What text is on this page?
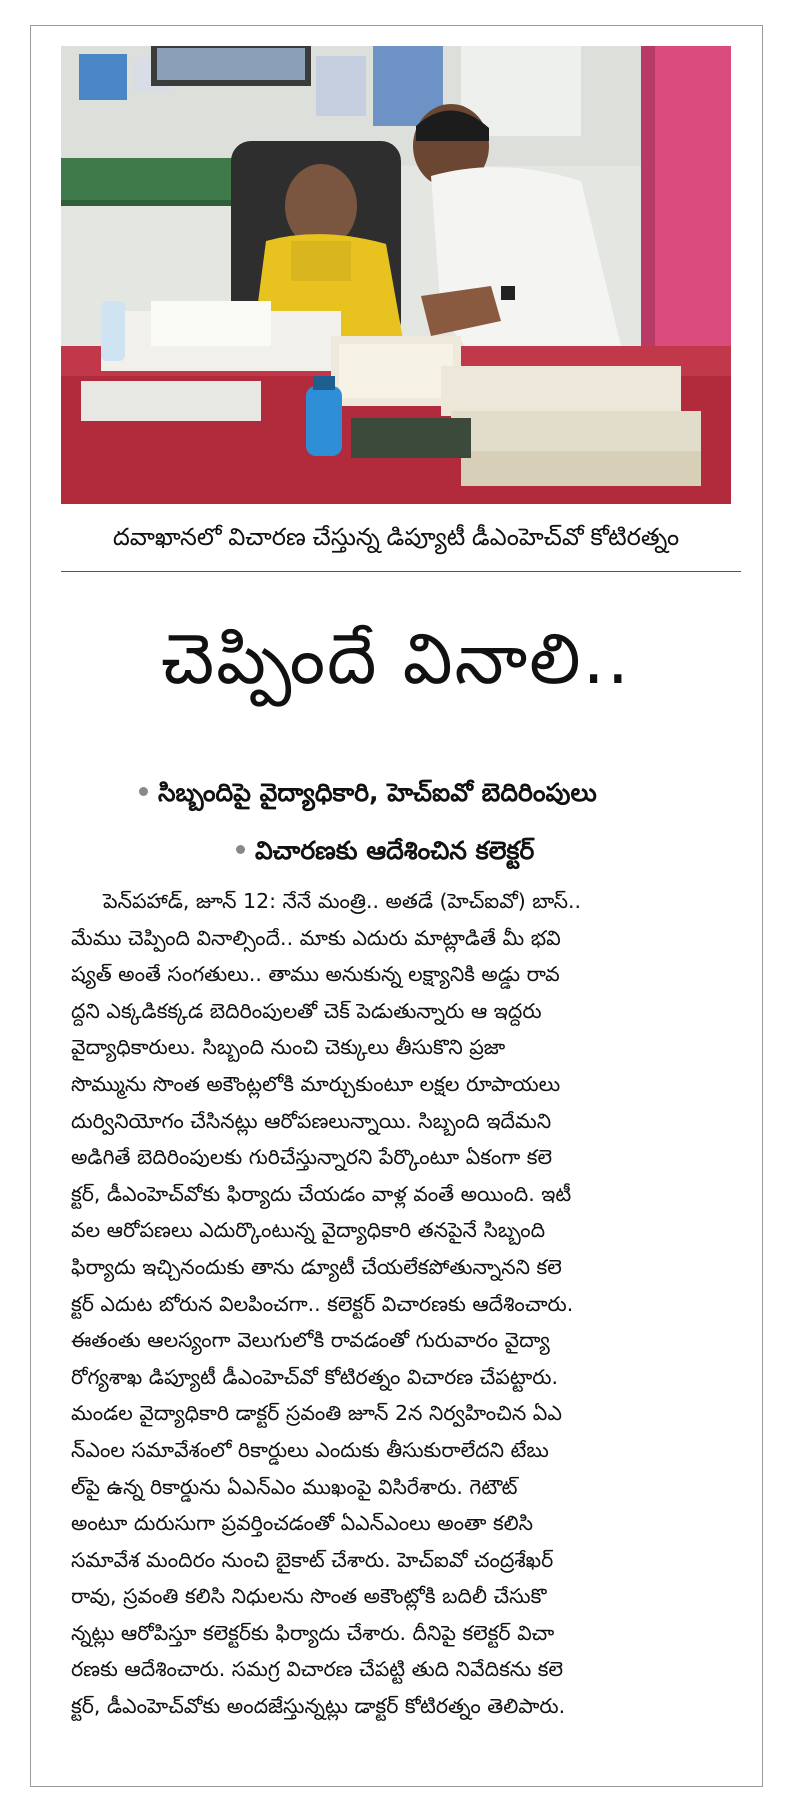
దవాఖానలో విచారణ చేస్తున్న డిప్యూటీ డీఎంహెచ్‌వో కోటిరత్నం
చెప్పిందే వినాలి..
సిబ్బందిపై వైద్యాధికారి, హెచ్‌ఐవో బెదిరింపులు
విచారణకు ఆదేశించిన కలెక్టర్
పెన్‌పహాడ్, జూన్ 12: నేనే మంత్రి.. అతడే (హెచ్‌ఐవో) బాస్..
మేము చెప్పింది వినాల్సిందే.. మాకు ఎదురు మాట్లాడితే మీ భవి
ష్యత్ అంతే సంగతులు.. తాము అనుకున్న లక్ష్యానికి అడ్డు రావ
ద్దని ఎక్కడికక్కడ బెదిరింపులతో చెక్ పెడుతున్నారు ఆ ఇద్దరు
వైద్యాధికారులు. సిబ్బంది నుంచి చెక్కులు తీసుకొని ప్రజా
సొమ్మును సొంత అకౌంట్లలోకి మార్చుకుంటూ లక్షల రూపాయలు
దుర్వినియోగం చేసినట్లు ఆరోపణలున్నాయి. సిబ్బంది ఇదేమని
అడిగితే బెదిరింపులకు గురిచేస్తున్నారని పేర్కొంటూ ఏకంగా కలె
క్టర్, డీఎంహెచ్‌వోకు ఫిర్యాదు చేయడం వాళ్ల వంతే అయింది. ఇటీ
వల ఆరోపణలు ఎదుర్కొంటున్న వైద్యాధికారి తనపైనే సిబ్బంది
ఫిర్యాదు ఇచ్చినందుకు తాను డ్యూటీ చేయలేకపోతున్నానని కలె
క్టర్ ఎదుట బోరున విలపించగా.. కలెక్టర్ విచారణకు ఆదేశించారు.
ఈతంతు ఆలస్యంగా వెలుగులోకి రావడంతో గురువారం వైద్యా
రోగ్యశాఖ డిప్యూటీ డీఎంహెచ్‌వో కోటిరత్నం విచారణ చేపట్టారు.
మండల వైద్యాధికారి డాక్టర్ స్రవంతి జూన్ 2న నిర్వహించిన ఏఎ
న్ఎంల సమావేశంలో రికార్డులు ఎందుకు తీసుకురాలేదని టేబు
ల్‌పై ఉన్న రికార్డును ఏఎన్‌ఎం ముఖంపై విసిరేశారు. గెటౌట్
అంటూ దురుసుగా ప్రవర్తించడంతో ఏఎన్‌ఎంలు అంతా కలిసి
సమావేశ మందిరం నుంచి బైకాట్ చేశారు. హెచ్‌ఐవో చంద్రశేఖర్
రావు, స్రవంతి కలిసి నిధులను సొంత అకౌంట్లోకి బదిలీ చేసుకొ
న్నట్లు ఆరోపిస్తూ కలెక్టర్‌కు ఫిర్యాదు చేశారు. దీనిపై కలెక్టర్ విచా
రణకు ఆదేశించారు. సమగ్ర విచారణ చేపట్టి తుది నివేదికను కలె
క్టర్, డీఎంహెచ్‌వోకు అందజేస్తున్నట్లు డాక్టర్ కోటిరత్నం తెలిపారు.
